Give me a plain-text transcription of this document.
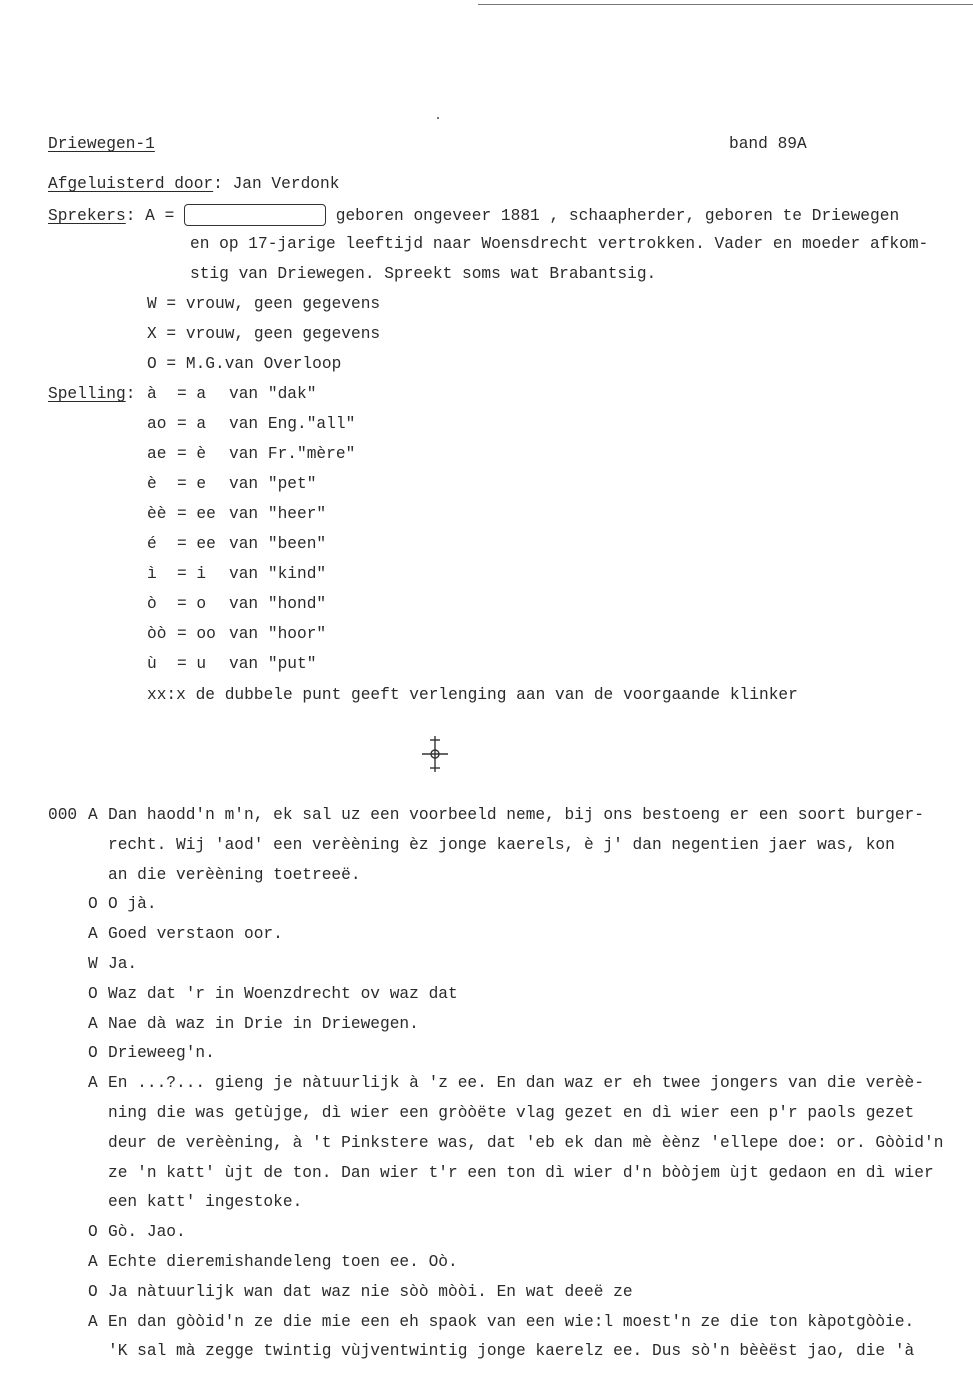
Driewegen-1	band 89A
Afgeluisterd door: Jan Verdonk
Sprekers: A =	geboren ongeveer 1881 , schaapherder, geboren te Driewegen
en op 17-jarige leeftijd naar Woensdrecht vertrokken. Vader en moeder afkom-
stig van Driewegen. Spreekt soms wat Brabantsig.
W = vrouw, geen gegevens
X = vrouw, geen gegevens
O = M.G.van Overloop
Spelling: à = a van "dak"
ao = a van Eng."all"
ae = è van Fr."mère"
è = e van "pet"
èè = ee van "heer"
é = ee van "been"
ì = i van "kind"
ò = o van "hond"
òò = oo van "hoor"
ù = u van "put"
xx:x de dubbele punt geeft verlenging aan van de voorgaande klinker
000 A Dan haodd'n m'n, ek sal uz een voorbeeld neme, bij ons bestoeng er een soort burger-
recht. Wij 'aod' een verèèning èz jonge kaerels, è j' dan negentien jaer was, kon
an die verèèning toetreeë.
O O jà.
A Goed verstaon oor.
W Ja.
O Waz dat 'r in Woenzdrecht ov waz dat
A Nae dà waz in Drie in Driewegen.
O Drieweeg'n.
A En ...?... gieng je nàtuurlijk à 'z ee. En dan waz er eh twee jongers van die verèè-
ning die was getùjge, dì wier een gròòëte vlag gezet en dì wier een p'r paols gezet
deur de verèèning, à 't Pinkstere was, dat 'eb ek dan mè èènz 'ellepe doe: or. Gòòid'n
ze 'n katt' ùjt de ton. Dan wier t'r een ton dì wier d'n bòòjem ùjt gedaon en dì wier
een katt' ingestoke.
O Gò. Jao.
A Echte dieremishandeleng toen ee. Oò.
O Ja nàtuurlijk wan dat waz nie sòò mòòi. En wat deeë ze
A En dan gòòid'n ze die mie een eh spaok van een wie:l moest'n ze die ton kàpotgòòie.
'K sal mà zegge twintig vùjventwintig jonge kaerelz ee. Dus sò'n bèèëst jao, die 'à
